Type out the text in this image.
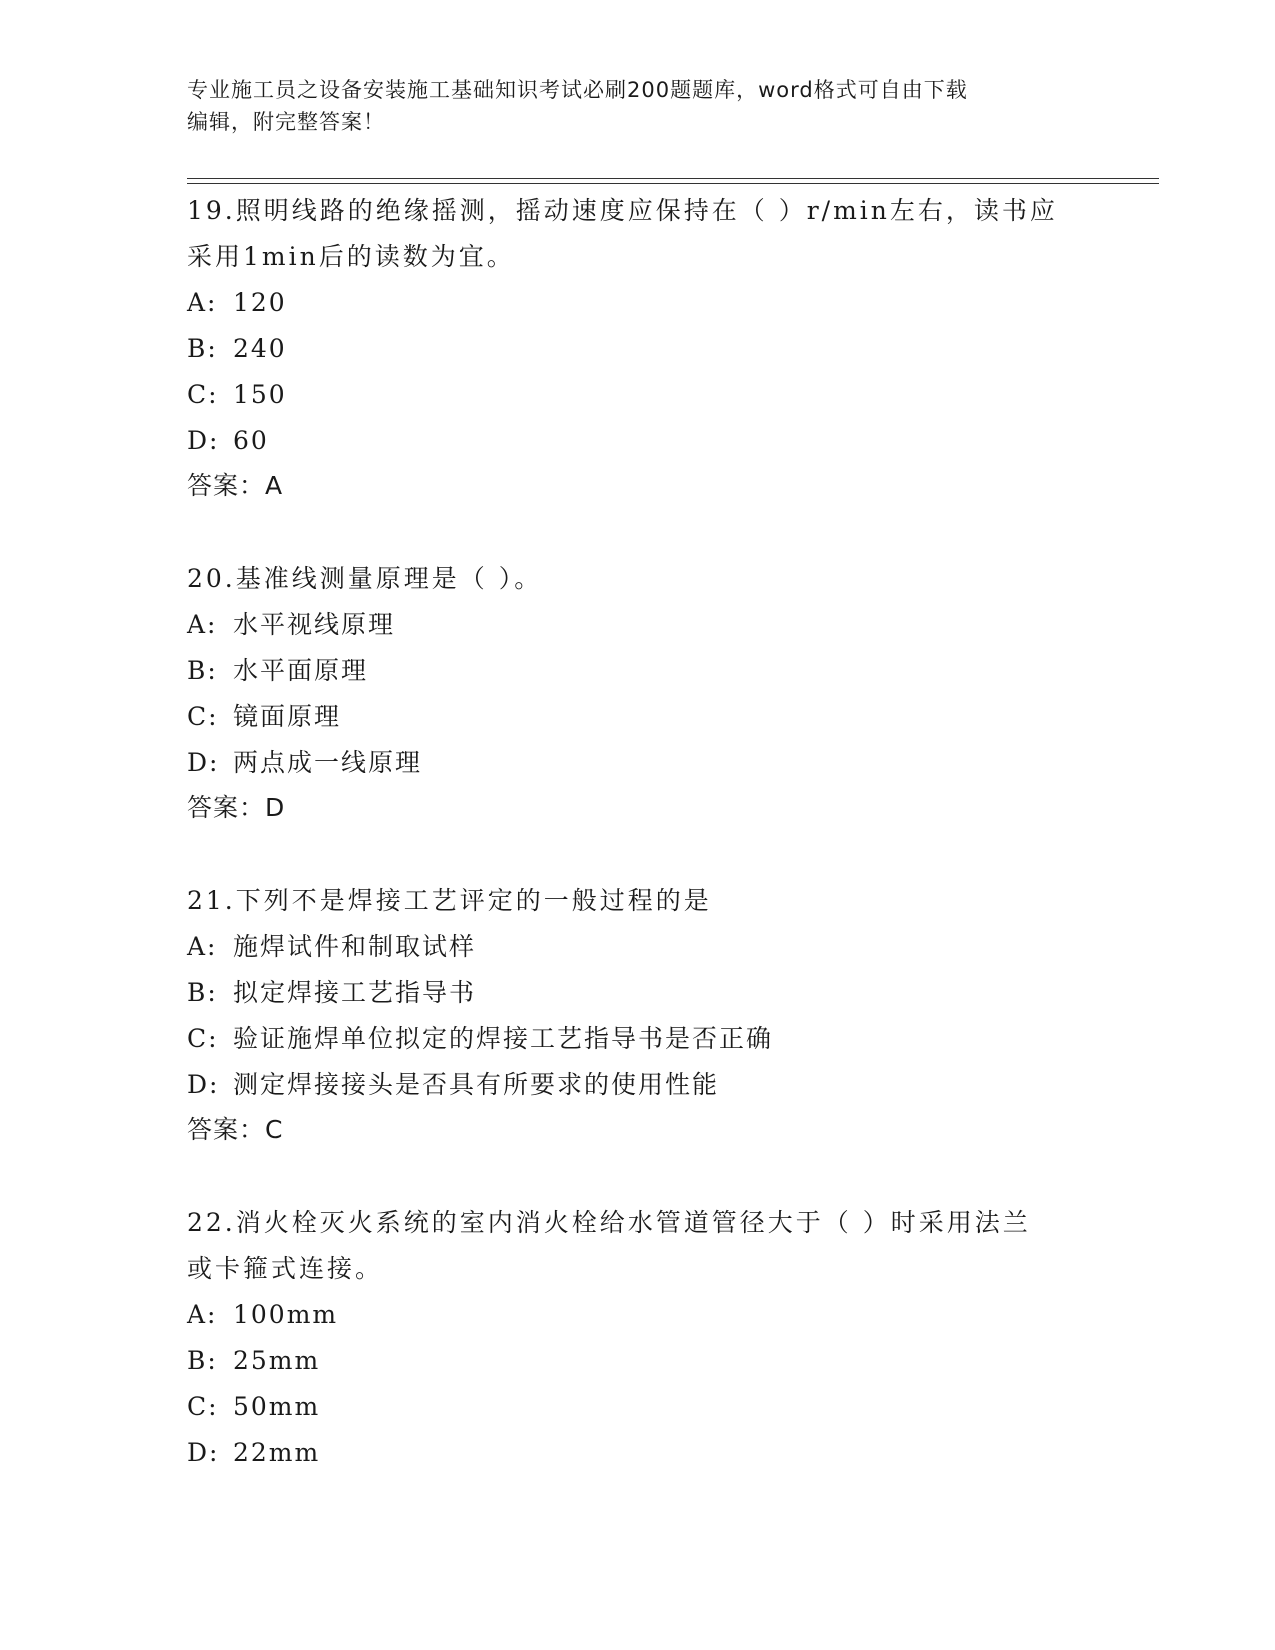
专业施工员之设备安装施工基础知识考试必刷200题题库，word格式可自由下载
编辑，附完整答案！
19.照明线路的绝缘摇测，摇动速度应保持在（ ）r/min左右，读书应
采用1min后的读数为宜。
A: 120
B: 240
C: 150
D: 60
答案：A
20.基准线测量原理是（ ）。
A: 水平视线原理
B: 水平面原理
C: 镜面原理
D: 两点成一线原理
答案：D
21.下列不是焊接工艺评定的一般过程的是
A: 施焊试件和制取试样
B: 拟定焊接工艺指导书
C: 验证施焊单位拟定的焊接工艺指导书是否正确
D: 测定焊接接头是否具有所要求的使用性能
答案：C
22.消火栓灭火系统的室内消火栓给水管道管径大于（ ）时采用法兰
或卡箍式连接。
A: 100mm
B: 25mm
C: 50mm
D: 22mm
